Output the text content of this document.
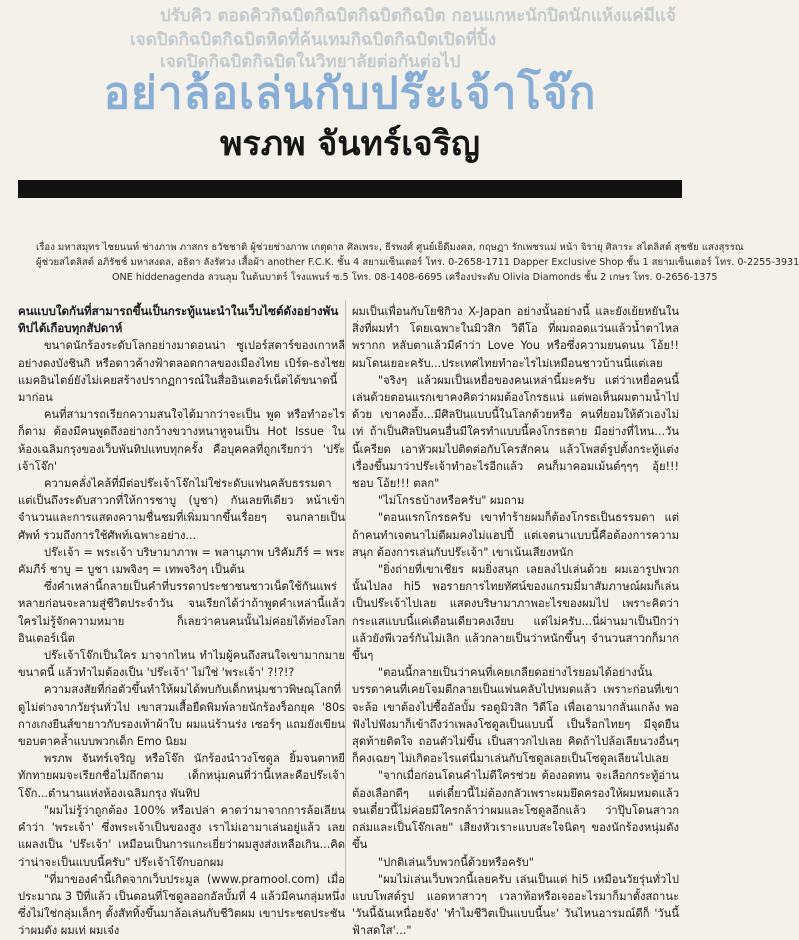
ปรับคิว ตอดคิวกิฉบิตกิฉบิตกิฉบิตกิฉบิต กอนแกหะนักปิดนักแห้งแค่มีแจ้
เจดปิดกิฉบิตกิฉบิตหิดที่ค้นเทมกิฉบิตกิฉบิตเปิดที่ปิ้ง
เจดปิดกิฉบิตกิฉบิตในวิทยาลัยต่อกันต่อไป
อย่าล้อเล่นกับปร๊ะเจ้าโจ๊ก
พรภพ จันทร์เจริญ
เรื่อง มหาสมุทร ไชยนนท์ ช่างภาพ ภาสกร ธวัชชาติ ผู้ช่วยช่างภาพ เกตุดาล ศิลเพระ, ธีรพงศ์ ศูนย์เย็ดีมงคล, กฤษฎา รักเพชรแม่ หน้า จิรายุ ศิลาระ สไตลิสต์ สุชชัย แสงสุรรณ
ผู้ช่วยสไตลิสต์ อภิรัชช์ มหาสงดล, อธิดา ลังรัศวง เสื้อผ้า another F.C.K. ชั้น 4 สยามเซ็นเตอร์ โทร. 0-2658-1711 Dapper Exclusive Shop ชั้น 1 สยามเซ็นเตอร์ โทร. 0-2255-3931
ONE hiddenagenda ลวนลุม ในต้นบาตร์ โรงแพนร์ ซ.5 โทร. 08-1408-6695 เครื่องประดับ Olivia Diamonds ชั้น 2 เกษร โทร. 0-2656-1375

คนแบบใดกันที่สามารถขึ้นเป็นกระทู้แนะนำในเว็บไซต์ดังอย่างพันทิปได้เกือบทุกสัปดาห์

ขนาดนักร้องระดับโลกอย่างมาดอนน่า ซูเปอร์สตาร์ของเกาหลีอย่างดงบังชินกิ หรือดาวค้างฟ้าตลอดกาลของเมืองไทย เบิร์ด-ธงไชย แมคอินไตย์ยังไม่เคยสร้างปรากฏการณ์ในสื่ออินเตอร์เน็ตได้ขนาดนี้มาก่อน

คนที่สามารถเรียกความสนใจได้มากว่าจะเป็น พูด หรือทำอะไรก็ตาม ต้องมีคนพูดถึงอย่างกว้างขวางหนาหูจนเป็น Hot Issue ในห้องเฉลิมกรุงของเว็บพันทิปแทบทุกครั้ง คือบุคคลที่ถูกเรียกว่า 'ปร๊ะเจ้าโจ๊ก'

ความคลั่งไคล้ที่มีต่อปร๊ะเจ้าโจ๊กไม่ใช่ระดับแฟนคลับธรรมดา แต่เป็นถึงระดับสาวกที่ให้การชาบู (บูชา) กันเลยทีเดียว หน้าเข้าจำนวนและการแสดงความชื่นชมที่เพิ่มมากขึ้นเรื่อยๆ จนกลายเป็นศัพท์ รวมถึงการใช้ศัพท์เฉพาะอย่าง...

ปร๊ะเจ้า = พระเจ้า บริษามาภาพ = พลานุภาพ บริคัมภีร์ = พระคัมภีร์ ชาบู = บูชา เมพจิงๆ = เทพจริงๆ เป็นต้น

ซึ่งคำเหล่านี้กลายเป็นคำที่บรรดาประชาชนชาวเน็ตใช้กันแพร่หลายก่อนจะลามสู่ชีวิตประจำวัน จนเรียกได้ว่าถ้าพูดคำเหล่านี้แล้วใครไม่รู้จักความหมาย ก็เลยว่าคนคนนั้นไม่ค่อยได้ท่องโลกอินเตอร์เน็ต

ปร๊ะเจ้าโจ๊กเป็นใคร มาจากไหน ทำไมผู้คนถึงสนใจเขามากมายขนาดนี้ แล้วทำไมต้องเป็น 'ปร๊ะเจ้า' ไม่ใช่ 'พระเจ้า' ?!?!?

ความสงสัยที่ก่อตัวขึ้นทำให้ผมได้พบกับเด็กหนุ่มชาวพิษณุโลกที่ดูไม่ต่างจากวัยรุ่นทั่วไป เขาสวมเสื้อยืดพิมพ์ลายนักร้องร็อกยุค '80s กางเกงยีนส์ขายาวกับรองเท้าผ้าใบ ผมแน่ร้านร่ง เซอร์ๆ แถมยังเขียนขอบตาคล้ำแบบพวกเด็ก Emo นิยม

พรภพ จันทร์เจริญ หรือโจ๊ก นักร้องนำวงโซดูล ยิ้มจนตาหยีทักทายผมจะเรียกชื่อไม่ถึกตาม เด็กหนุ่มคนที่ว่านี้เหละคือปร๊ะเจ้าโจ๊ก...ตำนานแห่งห้องเฉลิมกรุง พันทิป

"ผมไม่รู้ว่าถูกต้อง 100% หรือเปล่า คาดว่ามาจากการล้อเลียนคำว่า 'พระเจ้า' ซึ่งพระเจ้าเป็นของสูง เราไม่เอามาเล่นอยู่แล้ว เลยแผลงเป็น 'ปร๊ะเจ้า' เหมือนเป็นการแกะเยี่ยว่าผมสูงส่งเหลือเกิน...คิดว่าน่าจะเป็นแบบนี้ครับ" ปร๊ะเจ้าโจ๊กบอกผม

"ที่มาของคำนี้เกิดจากเว็บประมูล (www.pramool.com) เมื่อประมาณ 3 ปีที่แล้ว เป็นตอนที่โซดูลออกอัลบั้มที่ 4 แล้วมีคนกลุ่มหนึ่งซึ่งไม่ใช่กลุ่มเล็กๆ ตั้งสัททิ้งขึ้นมาล้อเล่นกับชีวิตผม เขาประชดประชันว่าผมดัง ผมเท่ ผมเจ๋ง

ผมเป็นเพื่อนกับโยชิกิวง X-Japan อย่างนั้นอย่างนี้ และยังเย้ยหยันในสิ่งที่ผมทำ โดยเฉพาะในมิวสิก วิดีโอ ที่ผมถอดแว่นแล้วน้ำตาไหลพรากก หลับตาแล้วมีคำว่า Love You หรือซึ่งความยนดนน โอ้ย!! ผมโดนเยอะครับ...ประเทศไทยทำอะไรไม่เหมือนชาวบ้านนี่แต่เลย

"จริงๆ แล้วผมเป็นเหยื่อของคนเหล่านี้มะครับ แต่ว่าเหยื่อคนนี้เล่นด้วยตอนแรกเขาคงคิดว่าผมต้องโกรธแน่ แต่พอเห็นผมตามน้ำไปด้วย เขาคงอึ้ง...มีศิลปินแบบนี้ในโลกด้วยหรือ คนที่ยอมให้ตัวเองไม่เท่ ถ้าเป็นศิลปินคนอื่นมีใครทำแบบนี้คงโกรธตาย มีอย่างที่ไหน...วันนี้เครียด เอาหัวผมไปติดต่อกับโครสักคน แล้วโพสต์รูปตั้งกระทู้แต่งเรื่องขึ้นมาว่าปร๊ะเจ้าทำอะไรอีกแล้ว คนก็มาคอมเม้นต์ๆๆๆ อุ้ย!!! ชอบ โอ้ย!!! ตลก"

"ไม่โกรธบ้างหรือครับ" ผมถาม

"ตอนแรกโกรธครับ เขาทำร้ายผมก็ต้องโกรธเป็นธรรมดา แต่ถ้าคนทำเจตนาไม่ดีผมคงไม่แฮปปี้ แต่เจตนาแบบนี้คือต้องการความสนุก ต้องการเล่นกับปร๊ะเจ้า" เขาเน้นเสียงหนัก

"ยิ่งถ่ายที่เขาเชียร ผมยิ่งสนุก เลยลงไปเล่นด้วย ผมเอารูปพวกนั้นไปลง hi5 พอรายการไทยทัศน์ของแกรมมี่มาสัมภาษณ์ผมก็เล่นเป็นปร๊ะเจ้าไปเลย แสดงบริษามาภาพอะไรของผมไป เพราะคิดว่ากระแสแบบนี้แค่เดือนเดียวคงเงียบ แต่ไม่ครับ...นี่ผ่านมาเป็นปีกว่าแล้วยังพีเวอร์กันไม่เลิก แล้วกลายเป็นว่าหนักขึ้นๆ จำนวนสาวกก็มากขึ้นๆ

"ตอนนี้กลายเป็นว่าคนที่เคยเกลียดอย่างไรยอมได้อย่างนั้น บรรดาคนที่เคยโจมตีกลายเป็นแฟนคลับไปหมดแล้ว เพราะก่อนที่เขาจะล้อ เขาต้องไปซื้ออัลบั้ม รอดูมิวสิก วิดีโอ เพื่อเอามากลั่นแกล้ง พอฟังไปฟังมาก็เข้าถึงว่าเพลงโซดูลเป็นแบบนี้ เป็นร็อกไทยๆ มีจุดยืน สุดท้ายติดใจ ถอนตัวไม่ขึ้น เป็นสาวกไปเลย คิดถ้าไปล้อเลียนวงอื่นๆ ก็คงเฉยๆ ไม่เกิดอะไรแต่นี่มาเล่นกับโซดูลเลยเป็นโซดูลเลียนไปเลย

"จากเมื่อก่อนโดนคำไม่ดีใครช่วย ต้องอดทน จะเลือกกระทู้อ่านต้องเลือกดีๆ แต่เดี๋ยวนี้ไม่ต้องกลัวเพราะผมยึดครองให้ผมหมดแล้ว จนเดี๋ยวนี้ไม่ค่อยมีใครกล้าว่าผมและโซดูลอีกแล้ว ว่าปุ๊บโดนสาวกถล่มและเป็นโจ๊กเลย" เสียงหัวเราะแบบสะใจนิดๆ ของนักร้องหนุ่มดังขึ้น

"ปกติเล่นเว็บพวกนี้ด้วยหรือครับ"

"ผมไม่เล่นเว็บพวกนี้เลยครับ เล่นเป็นแต่ hi5 เหมือนวัยรุ่นทั่วไป แบบโพสต์รูป แอดหาสาวๆ เวลาท้อหรือเจออะไรมาก็มาตั้งสถานะ 'วันนี้ฉันเหนื่อยจัง' 'ทำไมชีวิตเป็นแบบนี้นะ' วันไหนอารมณ์ดีก็ 'วันนี้ฟ้าสดใส'..."
